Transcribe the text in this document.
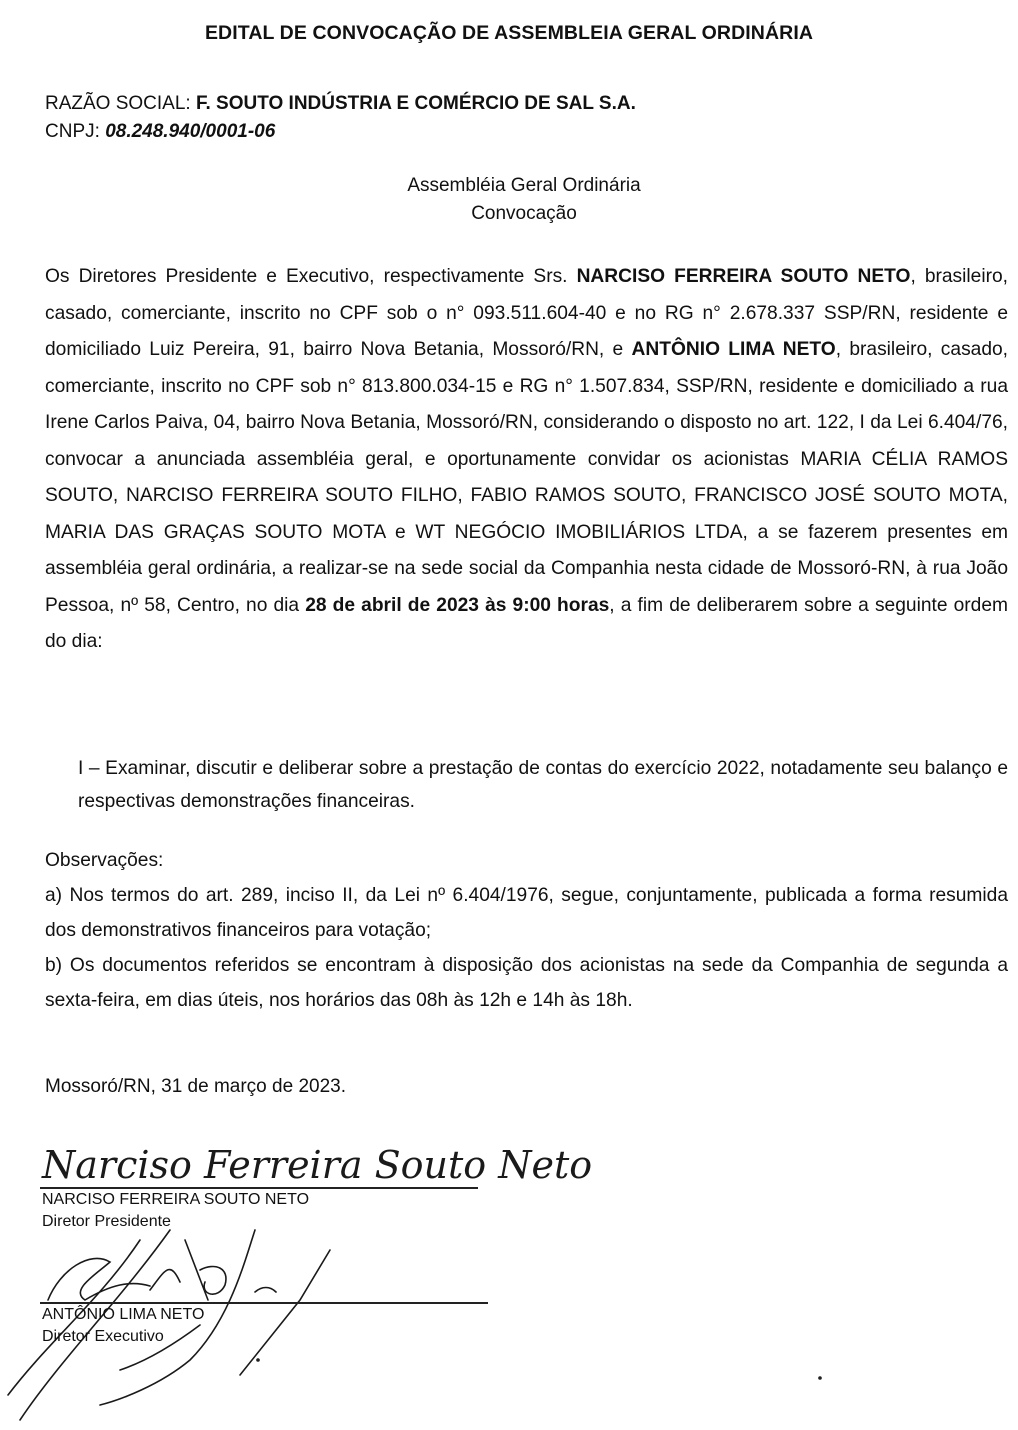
EDITAL DE CONVOCAÇÃO DE ASSEMBLEIA GERAL ORDINÁRIA
RAZÃO SOCIAL: F. SOUTO INDÚSTRIA E COMÉRCIO DE SAL S.A.
CNPJ: 08.248.940/0001-06
Assembléia Geral Ordinária
Convocação
Os Diretores Presidente e Executivo, respectivamente Srs. NARCISO FERREIRA SOUTO NETO, brasileiro, casado, comerciante, inscrito no CPF sob o n° 093.511.604-40 e no RG n° 2.678.337 SSP/RN, residente e domiciliado Luiz Pereira, 91, bairro Nova Betania, Mossoró/RN, e ANTÔNIO LIMA NETO, brasileiro, casado, comerciante, inscrito no CPF sob n° 813.800.034-15 e RG n° 1.507.834, SSP/RN, residente e domiciliado a rua Irene Carlos Paiva, 04, bairro Nova Betania, Mossoró/RN, considerando o disposto no art. 122, I da Lei 6.404/76, convocar a anunciada assembléia geral, e oportunamente convidar os acionistas MARIA CÉLIA RAMOS SOUTO, NARCISO FERREIRA SOUTO FILHO, FABIO RAMOS SOUTO, FRANCISCO JOSÉ SOUTO MOTA, MARIA DAS GRAÇAS SOUTO MOTA e WT NEGÓCIO IMOBILIÁRIOS LTDA, a se fazerem presentes em assembléia geral ordinária, a realizar-se na sede social da Companhia nesta cidade de Mossoró-RN, à rua João Pessoa, nº 58, Centro, no dia 28 de abril de 2023 às 9:00 horas, a fim de deliberarem sobre a seguinte ordem do dia:
I – Examinar, discutir e deliberar sobre a prestação de contas do exercício 2022, notadamente seu balanço e respectivas demonstrações financeiras.

Observações:

a) Nos termos do art. 289, inciso II, da Lei nº 6.404/1976, segue, conjuntamente, publicada a forma resumida dos demonstrativos financeiros para votação;

b) Os documentos referidos se encontram à disposição dos acionistas na sede da Companhia de segunda a sexta-feira, em dias úteis, nos horários das 08h às 12h e 14h às 18h.

Mossoró/RN, 31 de março de 2023.
Narciso Ferreira Souto Neto
NARCISO FERREIRA SOUTO NETO
Diretor Presidente
ANTÔNIO LIMA NETO
Diretor Executivo
